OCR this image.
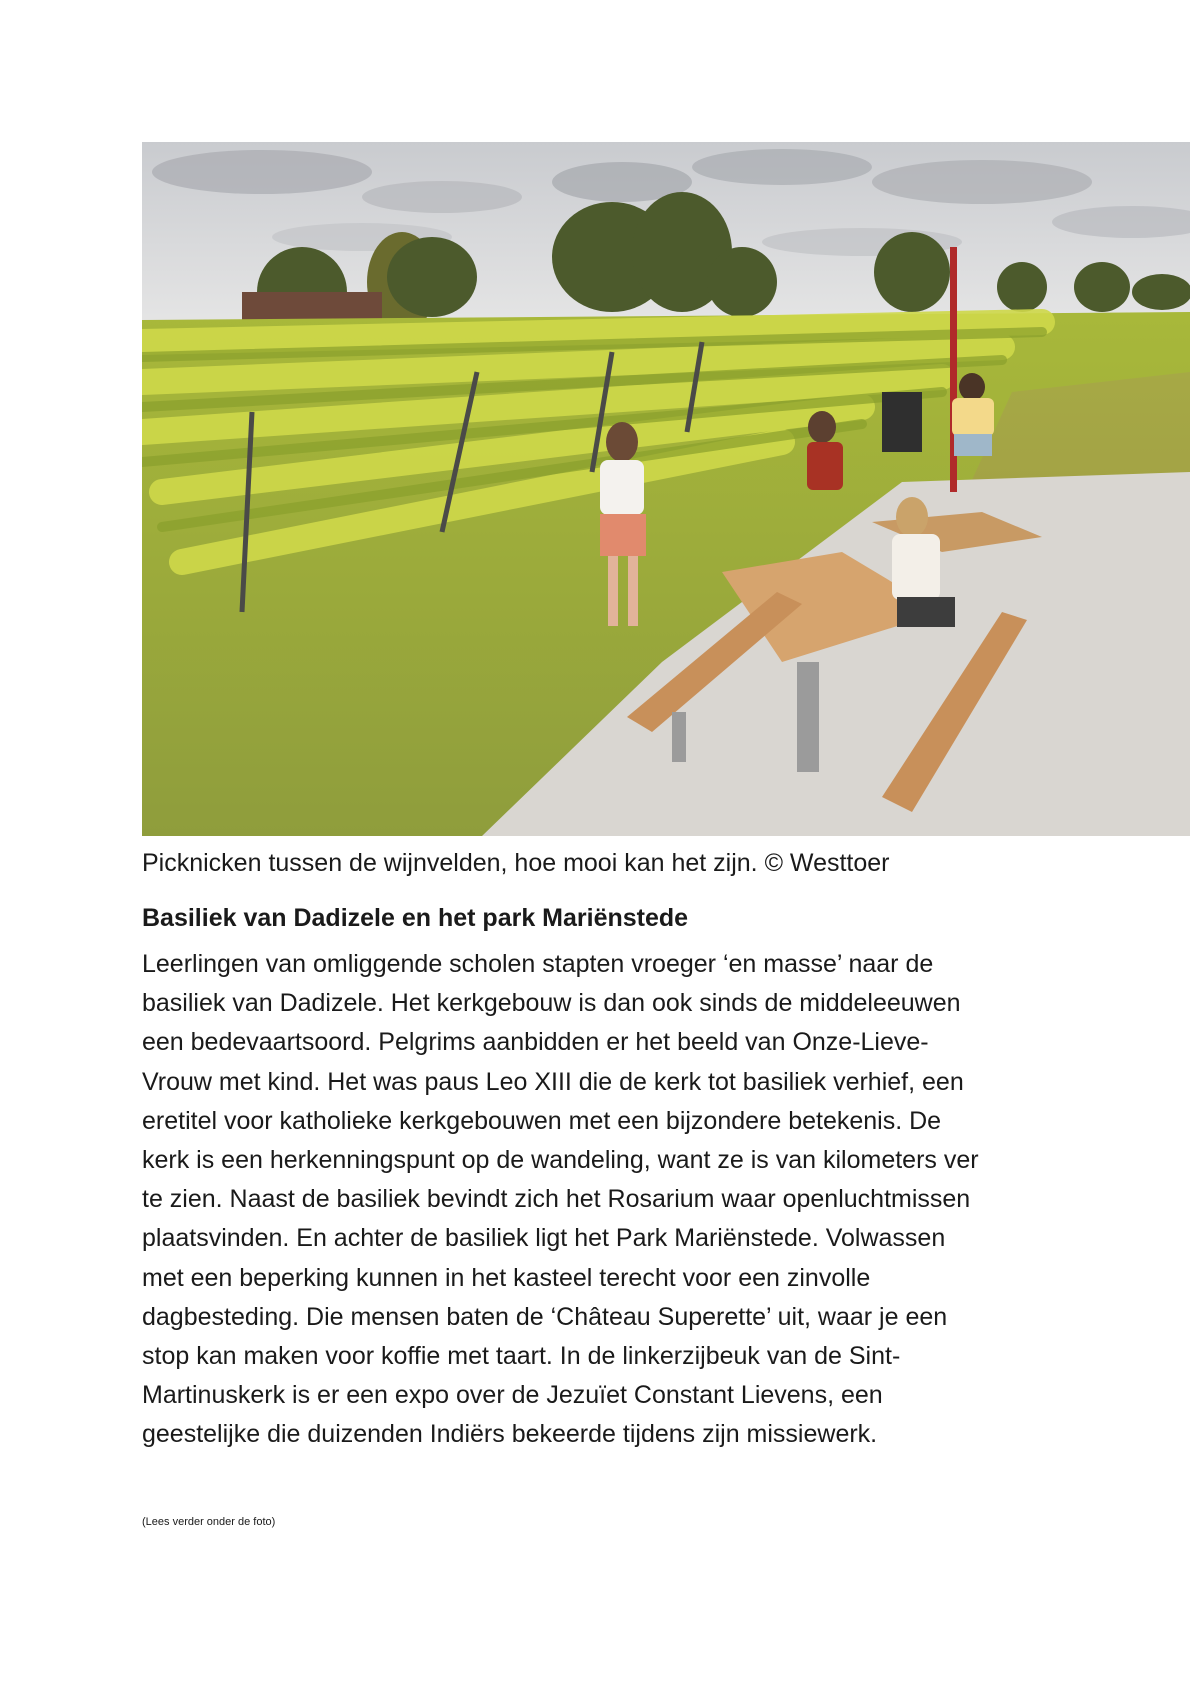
Picknicken tussen de wijnvelden, hoe mooi kan het zijn. © Westtoer

Basiliek van Dadizele en het park Mariënstede
Leerlingen van omliggende scholen stapten vroeger ‘en masse’ naar de
basiliek van Dadizele. Het kerkgebouw is dan ook sinds de middeleeuwen
een bedevaartsoord. Pelgrims aanbidden er het beeld van Onze-Lieve-
Vrouw met kind. Het was paus Leo XIII die de kerk tot basiliek verhief, een
eretitel voor katholieke kerkgebouwen met een bijzondere betekenis. De
kerk is een herkenningspunt op de wandeling, want ze is van kilometers ver
te zien. Naast de basiliek bevindt zich het Rosarium waar openluchtmissen
plaatsvinden. En achter de basiliek ligt het Park Mariënstede. Volwassen
met een beperking kunnen in het kasteel terecht voor een zinvolle
dagbesteding. Die mensen baten de ‘Château Superette’ uit, waar je een
stop kan maken voor koffie met taart. In de linkerzijbeuk van de Sint-
Martinuskerk is er een expo over de Jezuïet Constant Lievens, een
geestelijke die duizenden Indiërs bekeerde tijdens zijn missiewerk.

(Lees verder onder de foto)
